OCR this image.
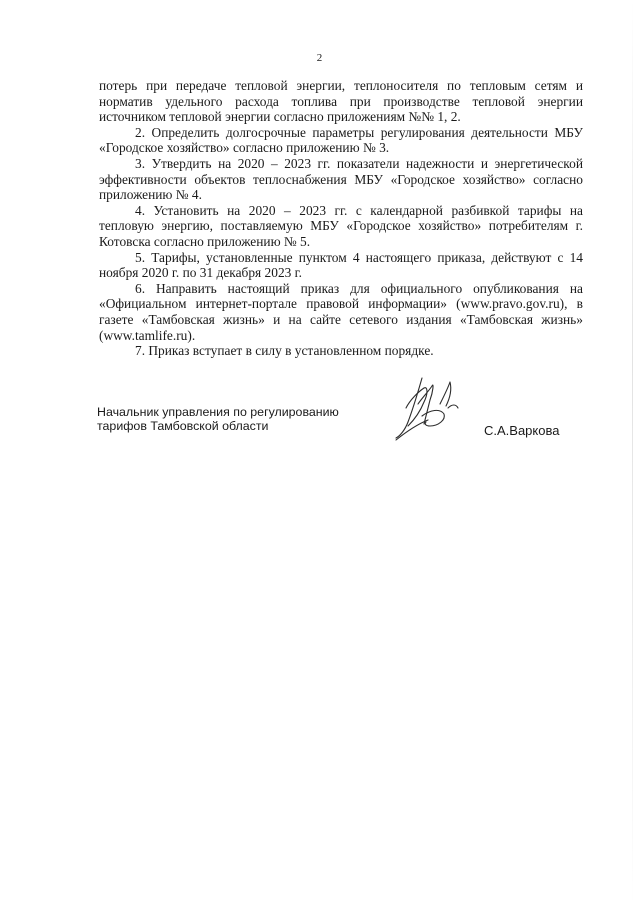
2

потерь при передаче тепловой энергии, теплоносителя по тепловым сетям и норматив удельного расхода топлива при производстве тепловой энергии источником тепловой энергии согласно приложениям №№ 1, 2.

2. Определить долгосрочные параметры регулирования деятельности МБУ «Городское хозяйство» согласно приложению № 3.

3. Утвердить на 2020 – 2023 гг. показатели надежности и энергетической эффективности объектов теплоснабжения МБУ «Городское хозяйство» согласно приложению № 4.

4. Установить на 2020 – 2023 гг. с календарной разбивкой тарифы на тепловую энергию, поставляемую МБУ «Городское хозяйство» потребителям г. Котовска согласно приложению № 5.

5. Тарифы, установленные пунктом 4 настоящего приказа, действуют с 14 ноября 2020 г. по 31 декабря 2023 г.

6. Направить настоящий приказ для официального опубликования на «Официальном интернет-портале правовой информации» (www.pravo.gov.ru), в газете «Тамбовская жизнь» и на сайте сетевого издания «Тамбовская жизнь» (www.tamlife.ru).

7. Приказ вступает в силу в установленном порядке.

Начальник управления по регулированию
тарифов Тамбовской области	С.А.Варкова
